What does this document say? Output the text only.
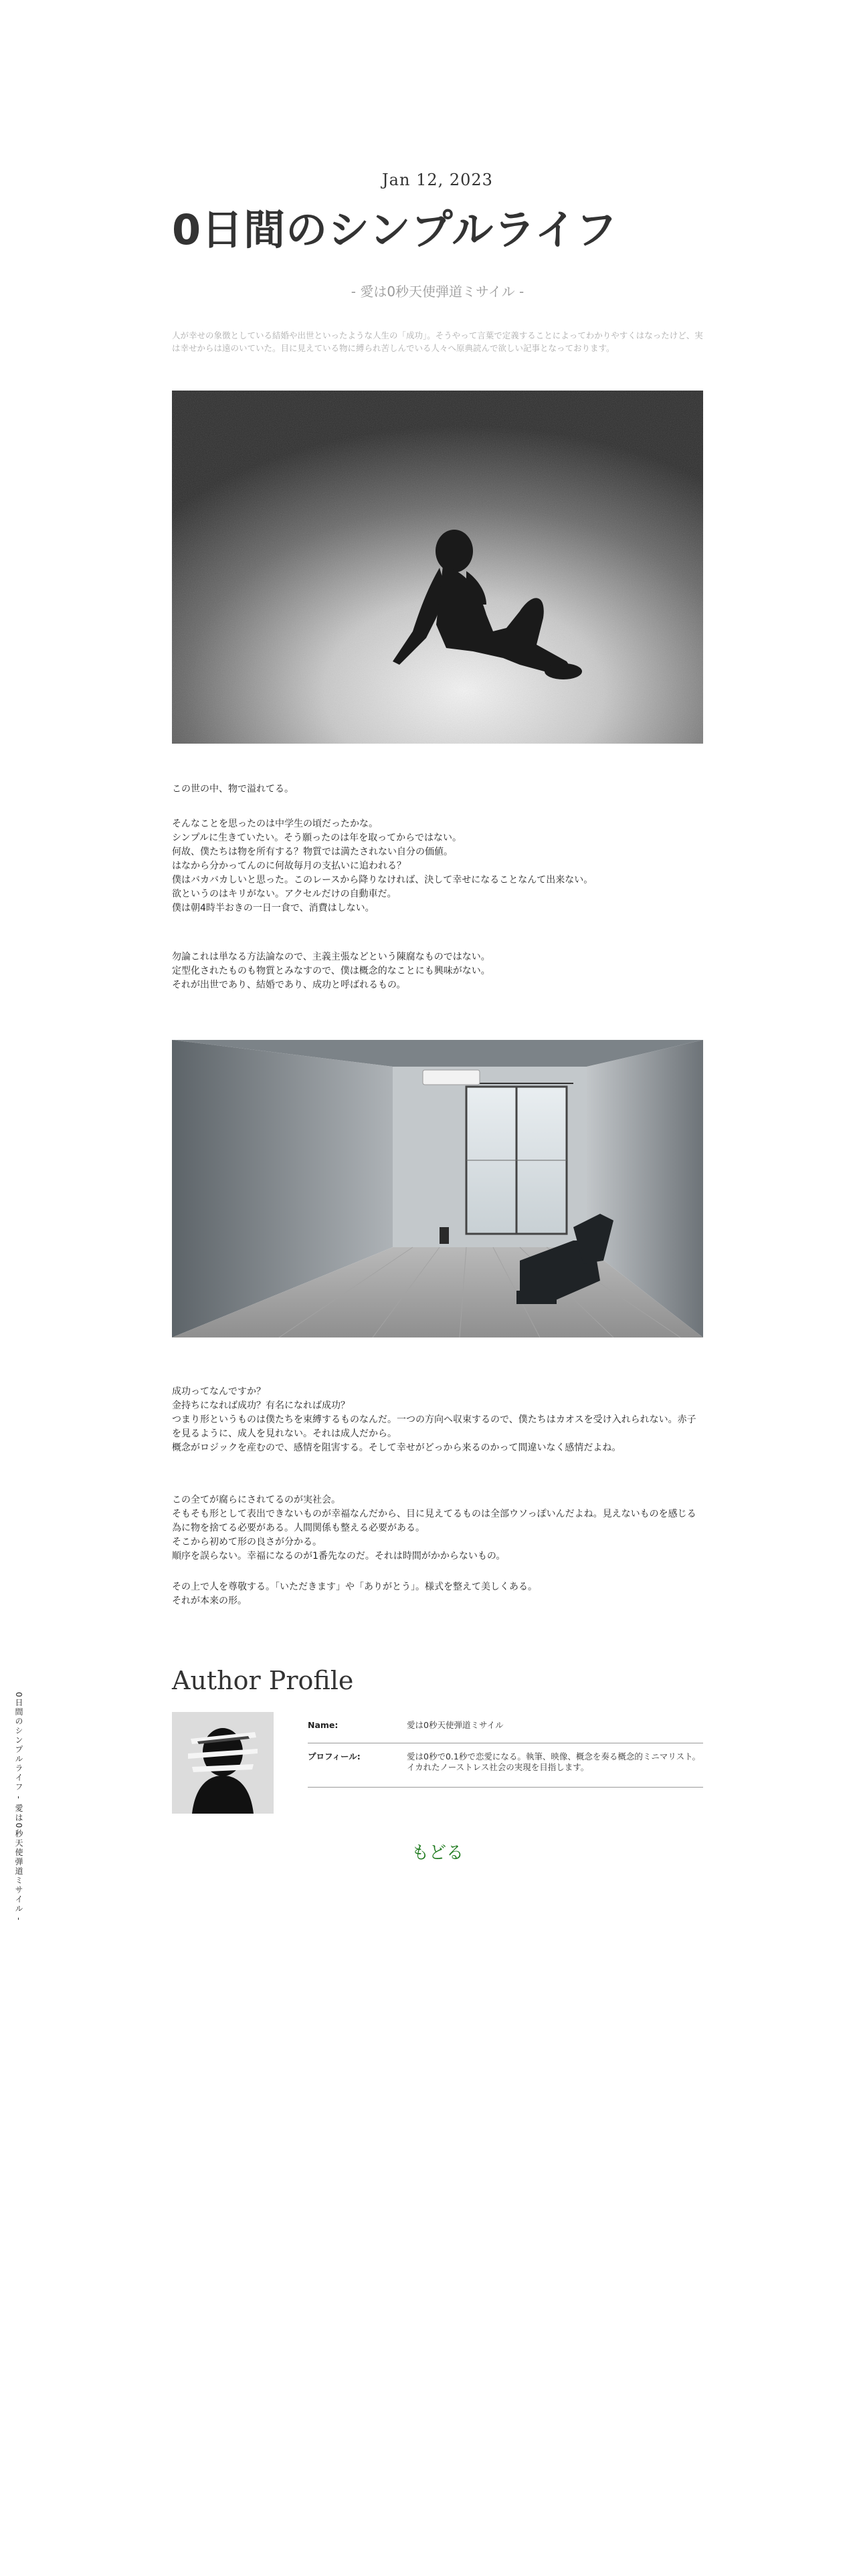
0日間のシンプルライフ - 愛は0秒天使弾道ミサイル -
Jan 12, 2023
0日間のシンプルライフ
- 愛は0秒天使弾道ミサイル -
人が幸せの象徴としている結婚や出世といったような人生の「成功」。そうやって言葉で定義することによってわかりやすくはなったけど、実は幸せからは遠のいていた。目に見えている物に縛られ苦しんでいる人々へ原典読んで欲しい記事となっております。
この世の中、物で溢れてる。
そんなことを思ったのは中学生の頃だったかな。
シンプルに生きていたい。そう願ったのは年を取ってからではない。
何故、僕たちは物を所有する？物質では満たされない自分の価値。
はなから分かってんのに何故毎月の支払いに追われる？
僕はバカバカしいと思った。このレースから降りなければ、決して幸せになることなんて出来ない。
欲というのはキリがない。アクセルだけの自動車だ。
僕は朝4時半おきの一日一食で、消費はしない。
勿論これは単なる方法論なので、主義主張などという陳腐なものではない。
定型化されたものも物質とみなすので、僕は概念的なことにも興味がない。
それが出世であり、結婚であり、成功と呼ばれるもの。
成功ってなんですか？
金持ちになれば成功？有名になれば成功？
つまり形というものは僕たちを束縛するものなんだ。一つの方向へ収束するので、僕たちはカオスを受け入れられない。赤子を見るように、成人を見れない。それは成人だから。
概念がロジックを産むので、感情を阻害する。そして幸せがどっから来るのかって間違いなく感情だよね。
この全てが腐らにされてるのが実社会。
そもそも形として表出できないものが幸福なんだから、目に見えてるものは全部ウソっぽいんだよね。見えないものを感じる為に物を捨てる必要がある。人間関係も整える必要がある。
そこから初めて形の良さが分かる。
順序を誤らない。幸福になるのが1番先なのだ。それは時間がかからないもの。
その上で人を尊敬する。「いただきます」や「ありがとう」。様式を整えて美しくある。
それが本来の形。
Author Profile
Name:	愛は0秒天使弾道ミサイル
プロフィール:	愛は0秒で0.1秒で恋愛になる。執筆、映像、概念を奏る概念的ミニマリスト。イカれたノーストレス社会の実現を目指します。
もどる
